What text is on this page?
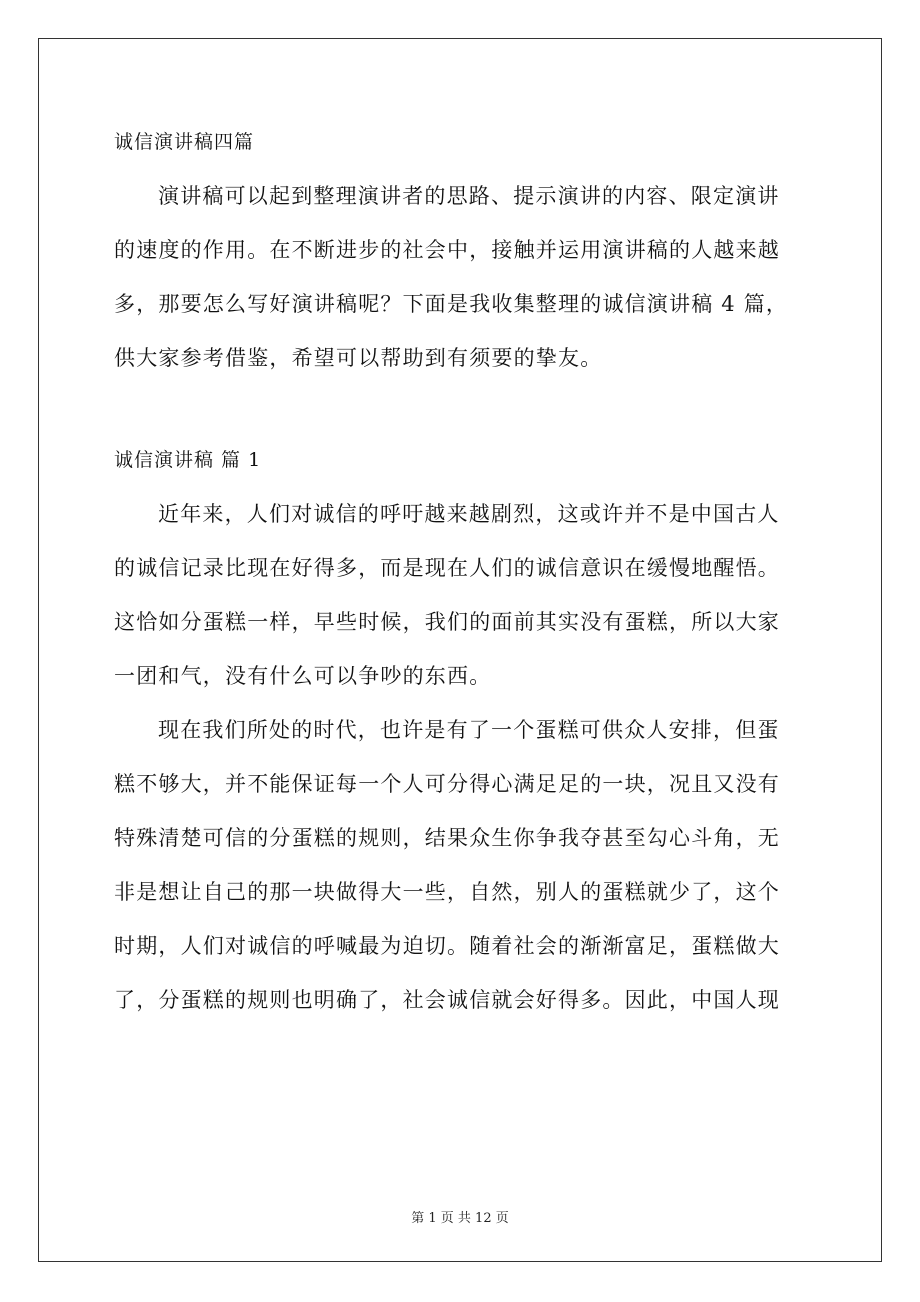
诚信演讲稿四篇
演讲稿可以起到整理演讲者的思路、提示演讲的内容、限定演讲
的速度的作用。在不断进步的社会中，接触并运用演讲稿的人越来越
多，那要怎么写好演讲稿呢？下面是我收集整理的诚信演讲稿 4 篇，
供大家参考借鉴，希望可以帮助到有须要的挚友。
诚信演讲稿 篇 1
近年来，人们对诚信的呼吁越来越剧烈，这或许并不是中国古人
的诚信记录比现在好得多，而是现在人们的诚信意识在缓慢地醒悟。
这恰如分蛋糕一样，早些时候，我们的面前其实没有蛋糕，所以大家
一团和气，没有什么可以争吵的东西。
现在我们所处的时代，也许是有了一个蛋糕可供众人安排，但蛋
糕不够大，并不能保证每一个人可分得心满足足的一块，况且又没有
特殊清楚可信的分蛋糕的规则，结果众生你争我夺甚至勾心斗角，无
非是想让自己的那一块做得大一些，自然，别人的蛋糕就少了，这个
时期，人们对诚信的呼喊最为迫切。随着社会的渐渐富足，蛋糕做大
了，分蛋糕的规则也明确了，社会诚信就会好得多。因此，中国人现
第 1 页 共 12 页
